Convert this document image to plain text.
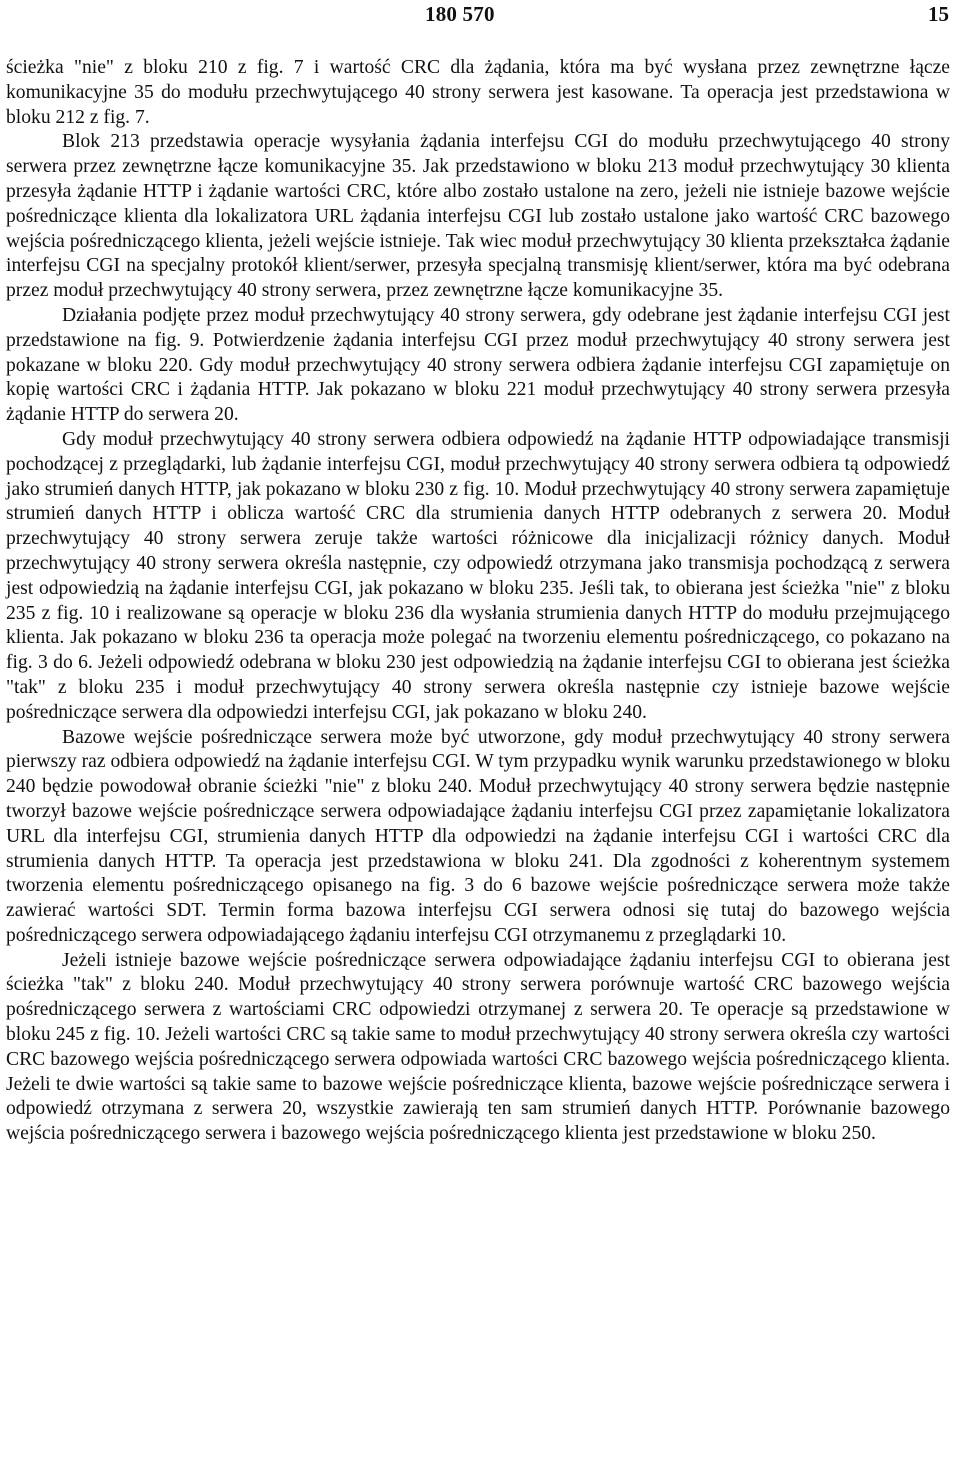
180 570	15

ścieżka "nie" z bloku 210 z fig. 7 i wartość CRC dla żądania, która ma być wysłana przez zewnętrzne łącze komunikacyjne 35 do modułu przechwytującego 40 strony serwera jest kasowane. Ta operacja jest przedstawiona w bloku 212 z fig. 7.

Blok 213 przedstawia operacje wysyłania żądania interfejsu CGI do modułu przechwytującego 40 strony serwera przez zewnętrzne łącze komunikacyjne 35. Jak przedstawiono w bloku 213 moduł przechwytujący 30 klienta przesyła żądanie HTTP i żądanie wartości CRC, które albo zostało ustalone na zero, jeżeli nie istnieje bazowe wejście pośredniczące klienta dla lokalizatora URL żądania interfejsu CGI lub zostało ustalone jako wartość CRC bazowego wejścia pośredniczącego klienta, jeżeli wejście istnieje. Tak wiec moduł przechwytujący 30 klienta przekształca żądanie interfejsu CGI na specjalny protokół klient/serwer, przesyła specjalną transmisję klient/serwer, która ma być odebrana przez moduł przechwytujący 40 strony serwera, przez zewnętrzne łącze komunikacyjne 35.

Działania podjęte przez moduł przechwytujący 40 strony serwera, gdy odebrane jest żądanie interfejsu CGI jest przedstawione na fig. 9. Potwierdzenie żądania interfejsu CGI przez moduł przechwytujący 40 strony serwera jest pokazane w bloku 220. Gdy moduł przechwytujący 40 strony serwera odbiera żądanie interfejsu CGI zapamiętuje on kopię wartości CRC i żądania HTTP. Jak pokazano w bloku 221 moduł przechwytujący 40 strony serwera przesyła żądanie HTTP do serwera 20.

Gdy moduł przechwytujący 40 strony serwera odbiera odpowiedź na żądanie HTTP odpowiadające transmisji pochodzącej z przeglądarki, lub żądanie interfejsu CGI, moduł przechwytujący 40 strony serwera odbiera tą odpowiedź jako strumień danych HTTP, jak pokazano w bloku 230 z fig. 10. Moduł przechwytujący 40 strony serwera zapamiętuje strumień danych HTTP i oblicza wartość CRC dla strumienia danych HTTP odebranych z serwera 20. Moduł przechwytujący 40 strony serwera zeruje także wartości różnicowe dla inicjalizacji różnicy danych. Moduł przechwytujący 40 strony serwera określa następnie, czy odpowiedź otrzymana jako transmisja pochodzącą z serwera jest odpowiedzią na żądanie interfejsu CGI, jak pokazano w bloku 235. Jeśli tak, to obierana jest ścieżka "nie" z bloku 235 z fig. 10 i realizowane są operacje w bloku 236 dla wysłania strumienia danych HTTP do modułu przejmującego klienta. Jak pokazano w bloku 236 ta operacja może polegać na tworzeniu elementu pośredniczącego, co pokazano na fig. 3 do 6. Jeżeli odpowiedź odebrana w bloku 230 jest odpowiedzią na żądanie interfejsu CGI to obierana jest ścieżka "tak" z bloku 235 i moduł przechwytujący 40 strony serwera określa następnie czy istnieje bazowe wejście pośredniczące serwera dla odpowiedzi interfejsu CGI, jak pokazano w bloku 240.

Bazowe wejście pośredniczące serwera może być utworzone, gdy moduł przechwytujący 40 strony serwera pierwszy raz odbiera odpowiedź na żądanie interfejsu CGI. W tym przypadku wynik warunku przedstawionego w bloku 240 będzie powodował obranie ścieżki "nie" z bloku 240. Moduł przechwytujący 40 strony serwera będzie następnie tworzył bazowe wejście pośredniczące serwera odpowiadające żądaniu interfejsu CGI przez zapamiętanie lokalizatora URL dla interfejsu CGI, strumienia danych HTTP dla odpowiedzi na żądanie interfejsu CGI i wartości CRC dla strumienia danych HTTP. Ta operacja jest przedstawiona w bloku 241. Dla zgodności z koherentnym systemem tworzenia elementu pośredniczącego opisanego na fig. 3 do 6 bazowe wejście pośredniczące serwera może także zawierać wartości SDT. Termin forma bazowa interfejsu CGI serwera odnosi się tutaj do bazowego wejścia pośredniczącego serwera odpowiadającego żądaniu interfejsu CGI otrzymanemu z przeglądarki 10.

Jeżeli istnieje bazowe wejście pośredniczące serwera odpowiadające żądaniu interfejsu CGI to obierana jest ścieżka "tak" z bloku 240. Moduł przechwytujący 40 strony serwera porównuje wartość CRC bazowego wejścia pośredniczącego serwera z wartościami CRC odpowiedzi otrzymanej z serwera 20. Te operacje są przedstawione w bloku 245 z fig. 10. Jeżeli wartości CRC są takie same to moduł przechwytujący 40 strony serwera określa czy wartości CRC bazowego wejścia pośredniczącego serwera odpowiada wartości CRC bazowego wejścia pośredniczącego klienta. Jeżeli te dwie wartości są takie same to bazowe wejście pośredniczące klienta, bazowe wejście pośredniczące serwera i odpowiedź otrzymana z serwera 20, wszystkie zawierają ten sam strumień danych HTTP. Porównanie bazowego wejścia pośredniczącego serwera i bazowego wejścia pośredniczącego klienta jest przedstawione w bloku 250.
